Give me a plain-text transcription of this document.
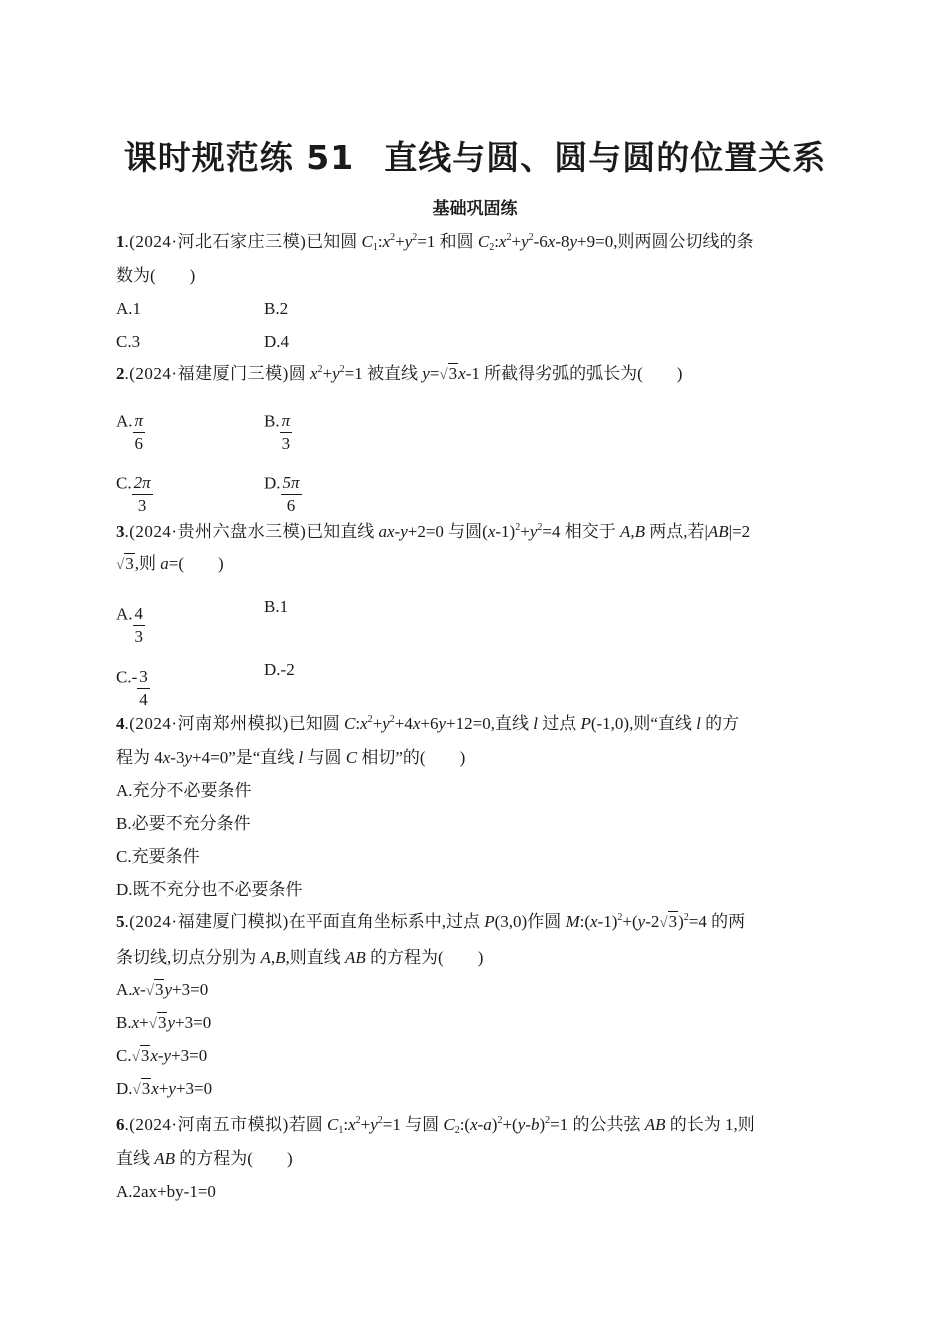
课时规范练 51 直线与圆、圆与圆的位置关系
基础巩固练
1.(2024·河北石家庄三模)已知圆 $C_1:x^2+y^2=1$ 和圆 $C_2:x^2+y^2-6x-8y+9=0$,则两圆公切线的条
数为(　　)
A.1	B.2
C.3	D.4
2.(2024·福建厦门三模)圆 $x^2+y^2=1$ 被直线 y=√3x-1 所截得劣弧的弧长为(　　)
A. $\frac{\pi}{6}$	B. $\frac{\pi}{3}$
C. $\frac{2\pi}{3}$	D. $\frac{5\pi}{6}$
3.(2024·贵州六盘水三模)已知直线 ax-y+2=0 与圆$(x-1)^2+y^2=4$ 相交于 A,B 两点,若|AB|=2
√3,则 a=(　　)
A. $\frac{4}{3}$	B.1
$C.- \frac{3}{4}$	D.-2
4.(2024·河南郑州模拟)已知圆 $C:x^2+y^2+4x+6y+12=0$,直线 l 过点 P(-1,0),则“直线 l 的方
程为 4x-3y+4=0”是“直线 l 与圆 C 相切”的(　　)
A.充分不必要条件
B.必要不充分条件
C.充要条件
D.既不充分也不必要条件
5.(2024·福建厦门模拟)在平面直角坐标系中,过点 P(3,0)作圆 $M:(x-1)^2+(y-2√3)^2=4$ 的两
条切线,切点分别为 A,B,则直线 AB 的方程为(　　)
A.x-√3y+3=0
B.x+√3y+3=0
C.√3x-y+3=0
D.√3x+y+3=0
6.(2024·河南五市模拟)若圆 $C_1:x^2+y^2=1$ 与圆 $C_2:(x-a)^2+(y-b)^2=1$ 的公共弦 AB 的长为 1,则
直线 AB 的方程为(　　)
A.2ax+by-1=0
